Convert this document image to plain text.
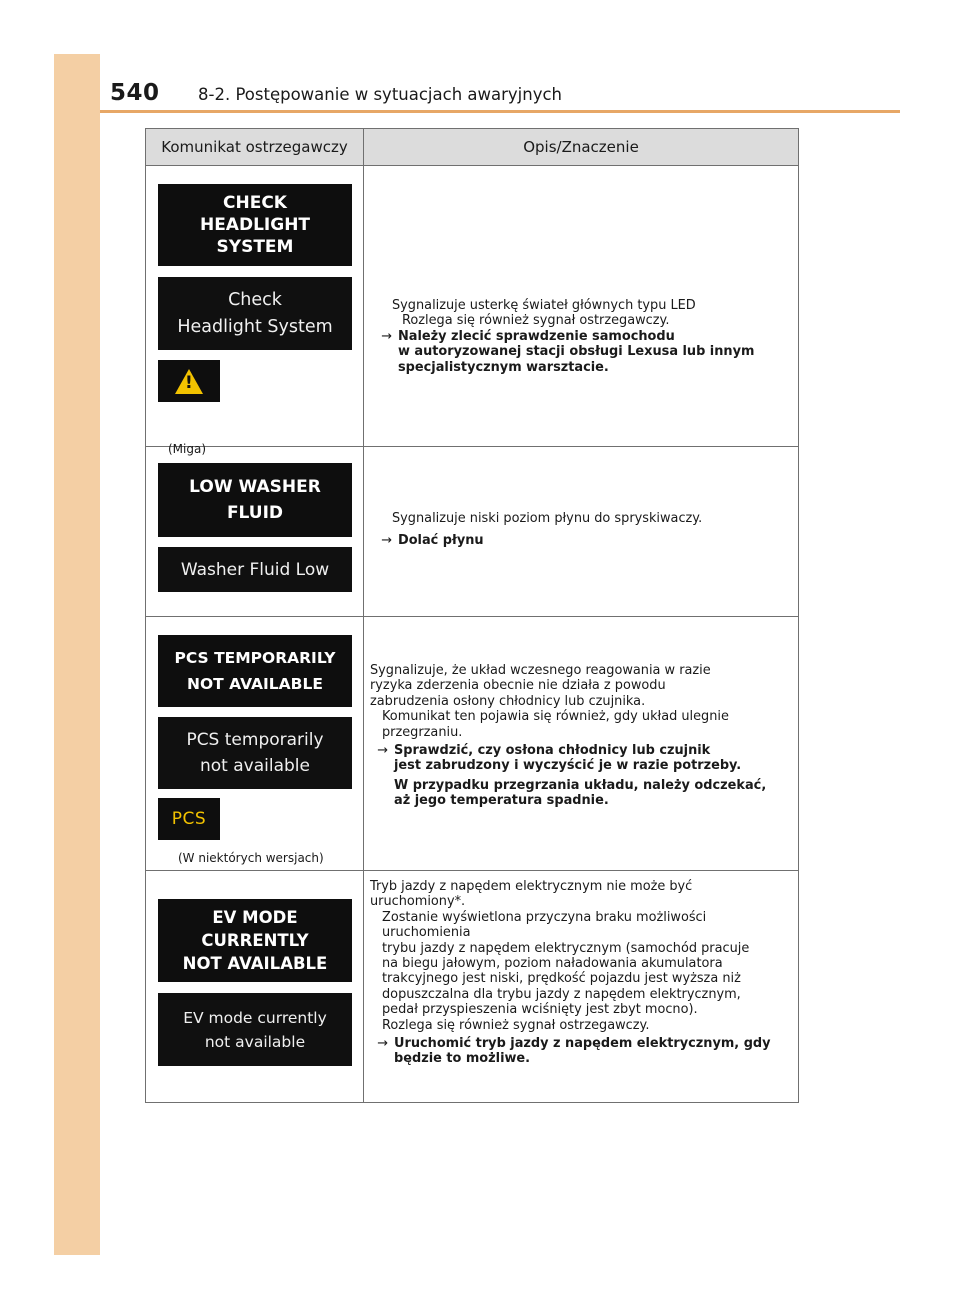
540 8-2. Postępowanie w sytuacjach awaryjnych
Komunikat ostrzegawczy	Opis/Znaczenie
CHECK
HEADLIGHT
SYSTEM
Check
Headlight System
!
(Miga)
Sygnalizuje usterkę świateł głównych typu LED
Rozlega się również sygnał ostrzegawczy.
→ Należy zlecić sprawdzenie samochodu
w autoryzowanej stacji obsługi Lexusa lub innym
specjalistycznym warsztacie.
LOW WASHER
FLUID
Washer Fluid Low
Sygnalizuje niski poziom płynu do spryskiwaczy.
→ Dolać płynu
PCS TEMPORARILY
NOT AVAILABLE
PCS temporarily
not available
PCS
(W niektórych wersjach)
Sygnalizuje, że układ wczesnego reagowania w razie
ryzyka zderzenia obecnie nie działa z powodu
zabrudzenia osłony chłodnicy lub czujnika.
Komunikat ten pojawia się również, gdy układ ulegnie
przegrzaniu.
→ Sprawdzić, czy osłona chłodnicy lub czujnik
jest zabrudzony i wyczyścić je w razie potrzeby.
W przypadku przegrzania układu, należy odczekać,
aż jego temperatura spadnie.
EV MODE
CURRENTLY
NOT AVAILABLE
EV mode currently
not available
Tryb jazdy z napędem elektrycznym nie może być
uruchomiony*.
Zostanie wyświetlona przyczyna braku możliwości
uruchomienia
trybu jazdy z napędem elektrycznym (samochód pracuje
na biegu jałowym, poziom naładowania akumulatora
trakcyjnego jest niski, prędkość pojazdu jest wyższa niż
dopuszczalna dla trybu jazdy z napędem elektrycznym,
pedał przyspieszenia wciśnięty jest zbyt mocno).
Rozlega się również sygnał ostrzegawczy.
→ Uruchomić tryb jazdy z napędem elektrycznym, gdy
będzie to możliwe.
